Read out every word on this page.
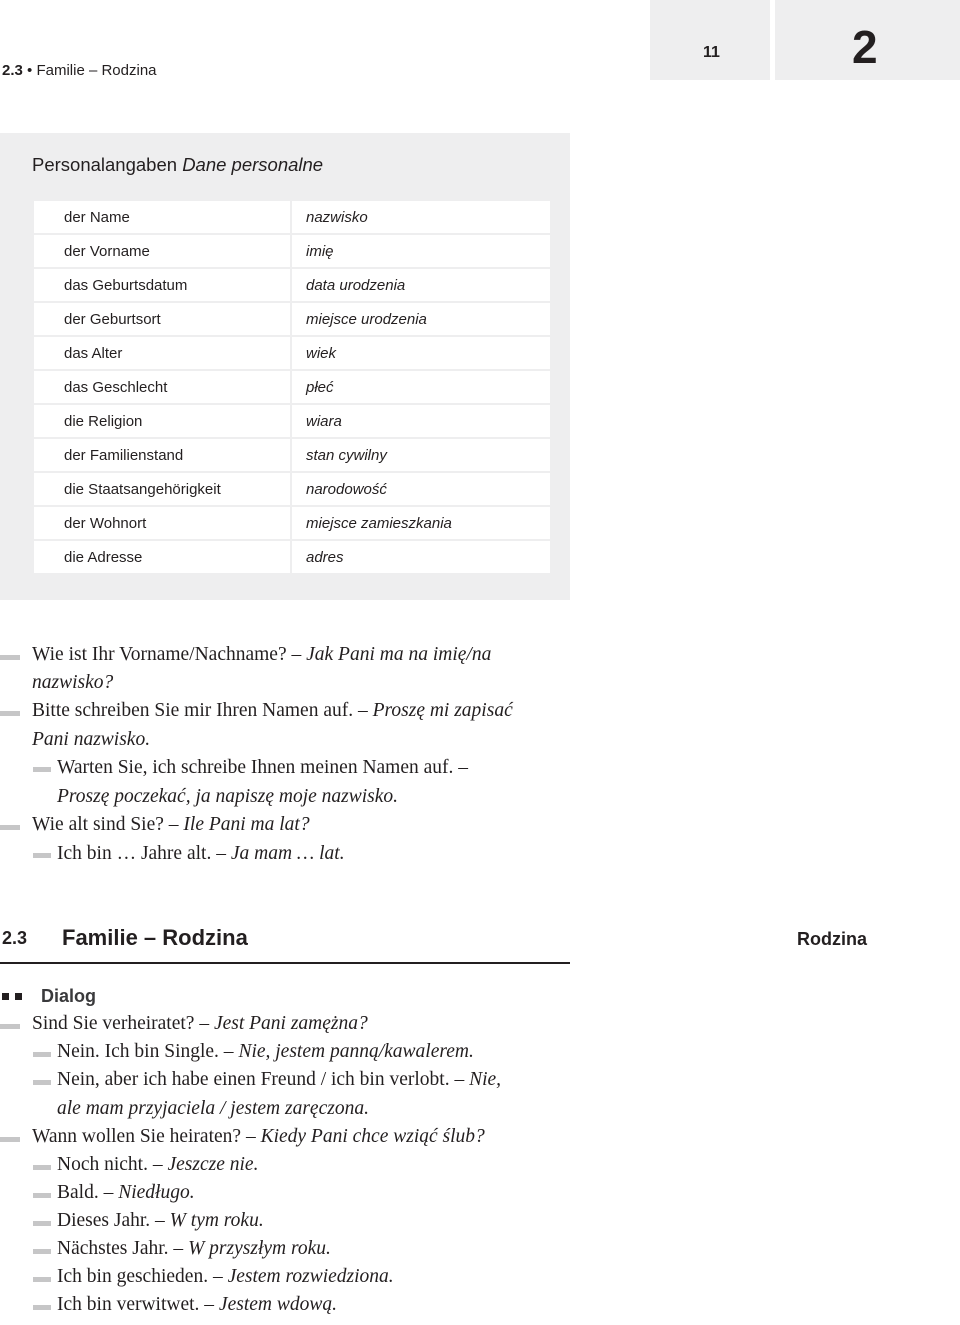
2.3 • Familie – Rodzina
11	2
Personalangaben Dane personalne
der Name	nazwisko
der Vorname	imię
das Geburtsdatum	data urodzenia
der Geburtsort	miejsce urodzenia
das Alter	wiek
das Geschlecht	płeć
die Religion	wiara
der Familienstand	stan cywilny
die Staatsangehörigkeit	narodowość
der Wohnort	miejsce zamieszkania
die Adresse	adres
Wie ist Ihr Vorname/Nachname? – Jak Pani ma na imię/na
nazwisko?
Bitte schreiben Sie mir Ihren Namen auf. – Proszę mi zapisać
Pani nazwisko.
Warten Sie, ich schreibe Ihnen meinen Namen auf. –
Proszę poczekać, ja napiszę moje nazwisko.
Wie alt sind Sie? – Ile Pani ma lat?
Ich bin … Jahre alt. – Ja mam … lat.
2.3 Familie – Rodzina	Rodzina
Dialog
Sind Sie verheiratet? – Jest Pani zamężna?
Nein. Ich bin Single. – Nie, jestem panną/kawalerem.
Nein, aber ich habe einen Freund / ich bin verlobt. – Nie,
ale mam przyjaciela / jestem zaręczona.
Wann wollen Sie heiraten? – Kiedy Pani chce wziąć ślub?
Noch nicht. – Jeszcze nie.
Bald. – Niedługo.
Dieses Jahr. – W tym roku.
Nächstes Jahr. – W przyszłym roku.
Ich bin geschieden. – Jestem rozwiedziona.
Ich bin verwitwet. – Jestem wdową.
